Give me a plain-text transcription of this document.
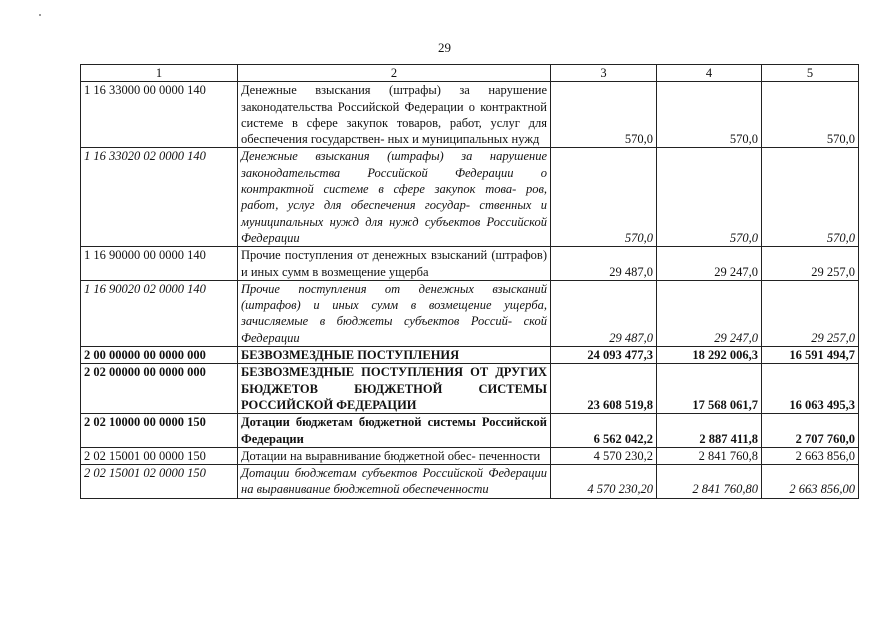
29
1	2	3	4	5
1 16 33000 00 0000 140	Денежные взыскания (штрафы) за нарушение законодательства Российской Федерации о контрактной системе в сфере закупок товаров, работ, услуг для обеспечения государствен- ных и муниципальных нужд	570,0	570,0	570,0
1 16 33020 02 0000 140	Денежные взыскания (штрафы) за нарушение законодательства Российской Федерации о контрактной системе в сфере закупок това- ров, работ, услуг для обеспечения государ- ственных и муниципальных нужд для нужд субъектов Российской Федерации	570,0	570,0	570,0
1 16 90000 00 0000 140	Прочие поступления от денежных взысканий (штрафов) и иных сумм в возмещение ущерба	29 487,0	29 247,0	29 257,0
1 16 90020 02 0000 140	Прочие поступления от денежных взысканий (штрафов) и иных сумм в возмещение ущерба, зачисляемые в бюджеты субъектов Россий- ской Федерации	29 487,0	29 247,0	29 257,0
2 00 00000 00 0000 000	БЕЗВОЗМЕЗДНЫЕ ПОСТУПЛЕНИЯ	24 093 477,3	18 292 006,3	16 591 494,7
2 02 00000 00 0000 000	БЕЗВОЗМЕЗДНЫЕ ПОСТУПЛЕНИЯ ОТ ДРУГИХ БЮДЖЕТОВ БЮДЖЕТНОЙ СИСТЕМЫ РОССИЙСКОЙ ФЕДЕРАЦИИ	23 608 519,8	17 568 061,7	16 063 495,3
2 02 10000 00 0000 150	Дотации бюджетам бюджетной системы Российской Федерации	6 562 042,2	2 887 411,8	2 707 760,0
2 02 15001 00 0000 150	Дотации на выравнивание бюджетной обес- печенности	4 570 230,2	2 841 760,8	2 663 856,0
2 02 15001 02 0000 150	Дотации бюджетам субъектов Российской Федерации на выравнивание бюджетной обеспеченности	4 570 230,20	2 841 760,80	2 663 856,00
